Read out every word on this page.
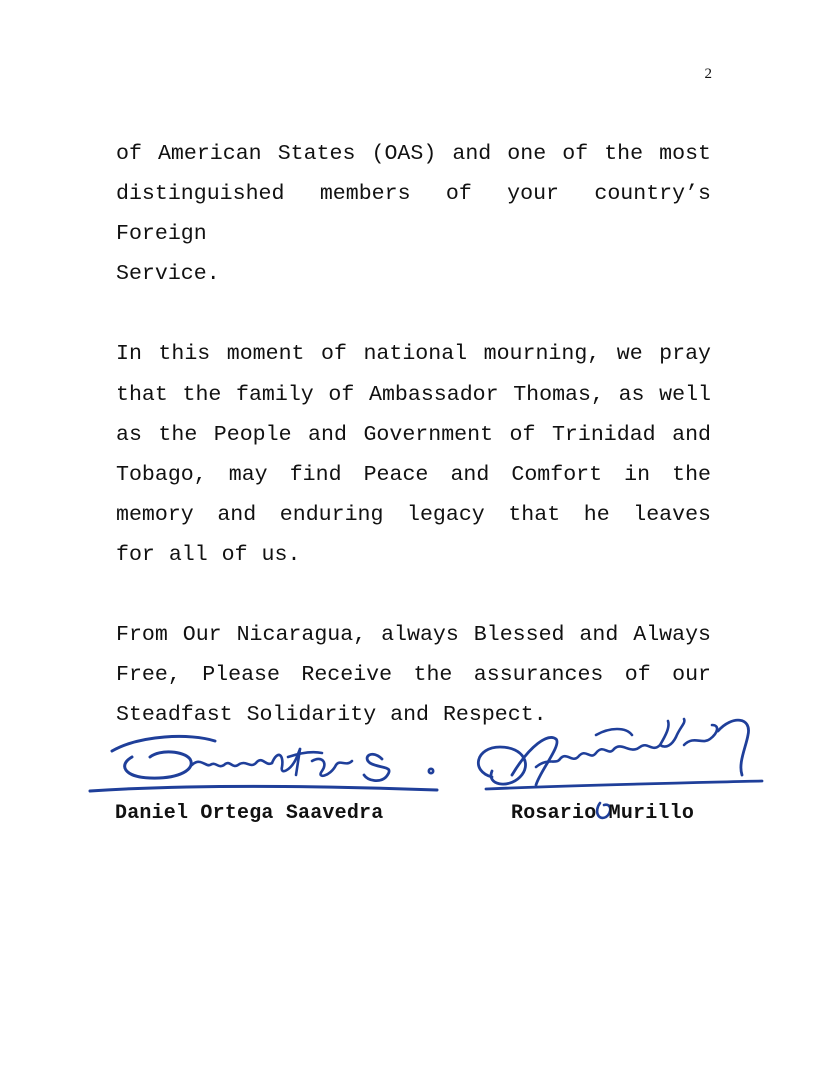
2

of American States (OAS) and one of the most
distinguished members of your country’s Foreign
Service.

In this moment of national mourning, we pray
that the family of Ambassador Thomas, as well
as the People and Government of Trinidad and
Tobago, may find Peace and Comfort in the
memory and enduring legacy that he leaves
for all of us.

From Our Nicaragua, always Blessed and Always
Free, Please Receive the assurances of our
Steadfast Solidarity and Respect.

Daniel Ortega Saavedra	Rosario Murillo
